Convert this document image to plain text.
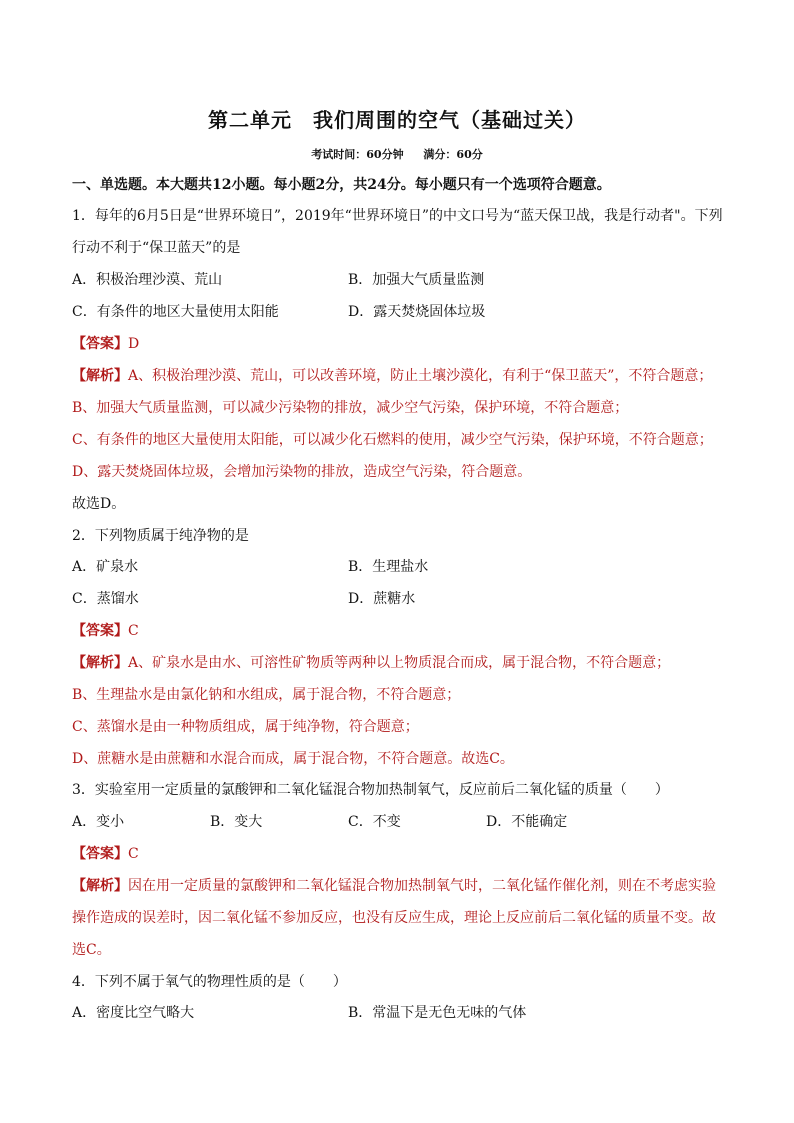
第二单元　我们周围的空气（基础过关）
考试时间：60分钟 满分：60分
一、单选题。本大题共12小题。每小题2分，共24分。每小题只有一个选项符合题意。
1．每年的6月5日是“世界环境日”，2019年“世界环境日”的中文口号为“蓝天保卫战，我是行动者"。下列
行动不利于“保卫蓝天”的是
A．积极治理沙漠、荒山	B．加强大气质量监测
C．有条件的地区大量使用太阳能	D．露天焚烧固体垃圾
【答案】D
【解析】A、积极治理沙漠、荒山，可以改善环境，防止土壤沙漠化，有利于“保卫蓝天”，不符合题意；
B、加强大气质量监测，可以减少污染物的排放，减少空气污染，保护环境，不符合题意；
C、有条件的地区大量使用太阳能，可以减少化石燃料的使用，减少空气污染，保护环境，不符合题意；
D、露天焚烧固体垃圾，会增加污染物的排放，造成空气污染，符合题意。
故选D。
2．下列物质属于纯净物的是
A．矿泉水	B．生理盐水
C．蒸馏水	D．蔗糖水
【答案】C
【解析】A、矿泉水是由水、可溶性矿物质等两种以上物质混合而成，属于混合物，不符合题意；
B、生理盐水是由氯化钠和水组成，属于混合物，不符合题意；
C、蒸馏水是由一种物质组成，属于纯净物，符合题意；
D、蔗糖水是由蔗糖和水混合而成，属于混合物，不符合题意。故选C。
3．实验室用一定质量的氯酸钾和二氧化锰混合物加热制氧气，反应前后二氧化锰的质量（　　）
A．变小	B．变大	C．不变	D．不能确定
【答案】C
【解析】因在用一定质量的氯酸钾和二氧化锰混合物加热制氧气时，二氧化锰作催化剂，则在不考虑实验
操作造成的误差时，因二氧化锰不参加反应，也没有反应生成，理论上反应前后二氧化锰的质量不变。故
选C。
4．下列不属于氧气的物理性质的是（　　）
A．密度比空气略大	B．常温下是无色无味的气体
